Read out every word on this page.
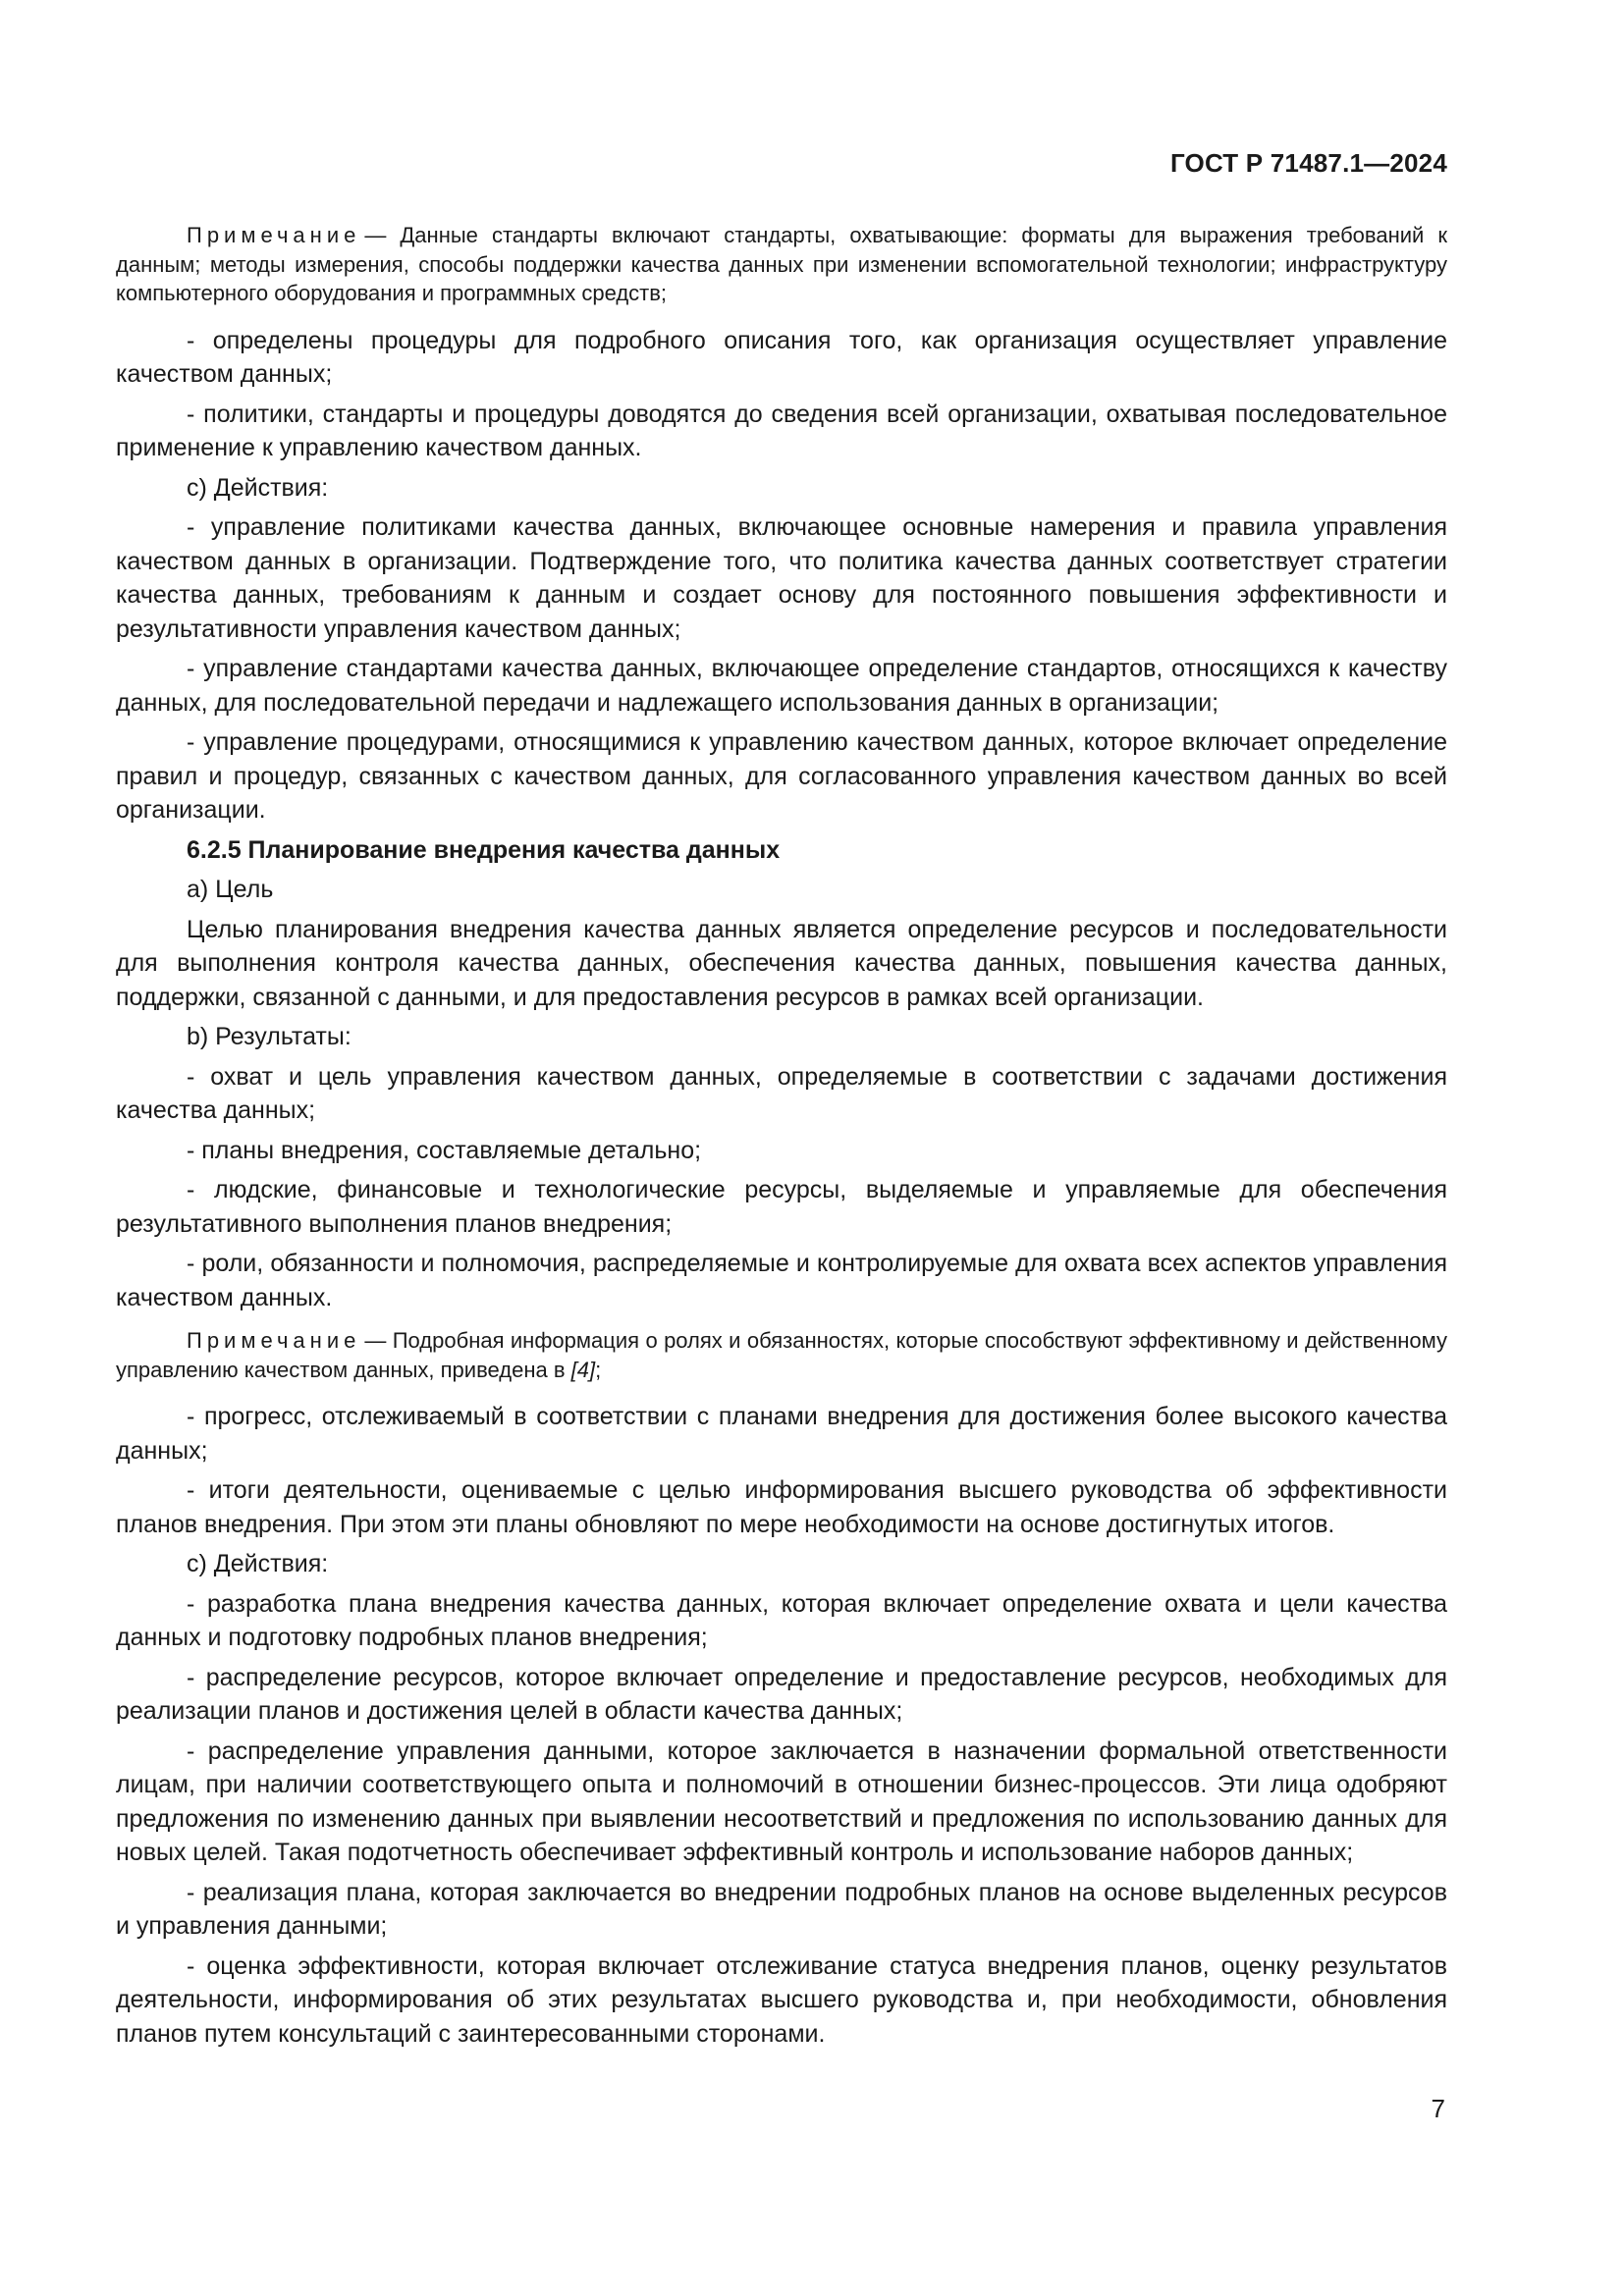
ГОСТ Р 71487.1—2024

Примечание — Данные стандарты включают стандарты, охватывающие: форматы для выражения требований к данным; методы измерения, способы поддержки качества данных при изменении вспомогательной технологии; инфраструктуру компьютерного оборудования и программных средств;

- определены процедуры для подробного описания того, как организация осуществляет управление качеством данных;

- политики, стандарты и процедуры доводятся до сведения всей организации, охватывая последовательное применение к управлению качеством данных.

c) Действия:

- управление политиками качества данных, включающее основные намерения и правила управления качеством данных в организации. Подтверждение того, что политика качества данных соответствует стратегии качества данных, требованиям к данным и создает основу для постоянного повышения эффективности и результативности управления качеством данных;

- управление стандартами качества данных, включающее определение стандартов, относящихся к качеству данных, для последовательной передачи и надлежащего использования данных в организации;

- управление процедурами, относящимися к управлению качеством данных, которое включает определение правил и процедур, связанных с качеством данных, для согласованного управления качеством данных во всей организации.

6.2.5 Планирование внедрения качества данных

a) Цель

Целью планирования внедрения качества данных является определение ресурсов и последовательности для выполнения контроля качества данных, обеспечения качества данных, повышения качества данных, поддержки, связанной с данными, и для предоставления ресурсов в рамках всей организации.

b) Результаты:

- охват и цель управления качеством данных, определяемые в соответствии с задачами достижения качества данных;

- планы внедрения, составляемые детально;

- людские, финансовые и технологические ресурсы, выделяемые и управляемые для обеспечения результативного выполнения планов внедрения;

- роли, обязанности и полномочия, распределяемые и контролируемые для охвата всех аспектов управления качеством данных.

Примечание — Подробная информация о ролях и обязанностях, которые способствуют эффективному и действенному управлению качеством данных, приведена в [4];

- прогресс, отслеживаемый в соответствии с планами внедрения для достижения более высокого качества данных;

- итоги деятельности, оцениваемые с целью информирования высшего руководства об эффективности планов внедрения. При этом эти планы обновляют по мере необходимости на основе достигнутых итогов.

c) Действия:

- разработка плана внедрения качества данных, которая включает определение охвата и цели качества данных и подготовку подробных планов внедрения;

- распределение ресурсов, которое включает определение и предоставление ресурсов, необходимых для реализации планов и достижения целей в области качества данных;

- распределение управления данными, которое заключается в назначении формальной ответственности лицам, при наличии соответствующего опыта и полномочий в отношении бизнес-процессов. Эти лица одобряют предложения по изменению данных при выявлении несоответствий и предложения по использованию данных для новых целей. Такая подотчетность обеспечивает эффективный контроль и использование наборов данных;

- реализация плана, которая заключается во внедрении подробных планов на основе выделенных ресурсов и управления данными;

- оценка эффективности, которая включает отслеживание статуса внедрения планов, оценку результатов деятельности, информирования об этих результатах высшего руководства и, при необходимости, обновления планов путем консультаций с заинтересованными сторонами.

7
